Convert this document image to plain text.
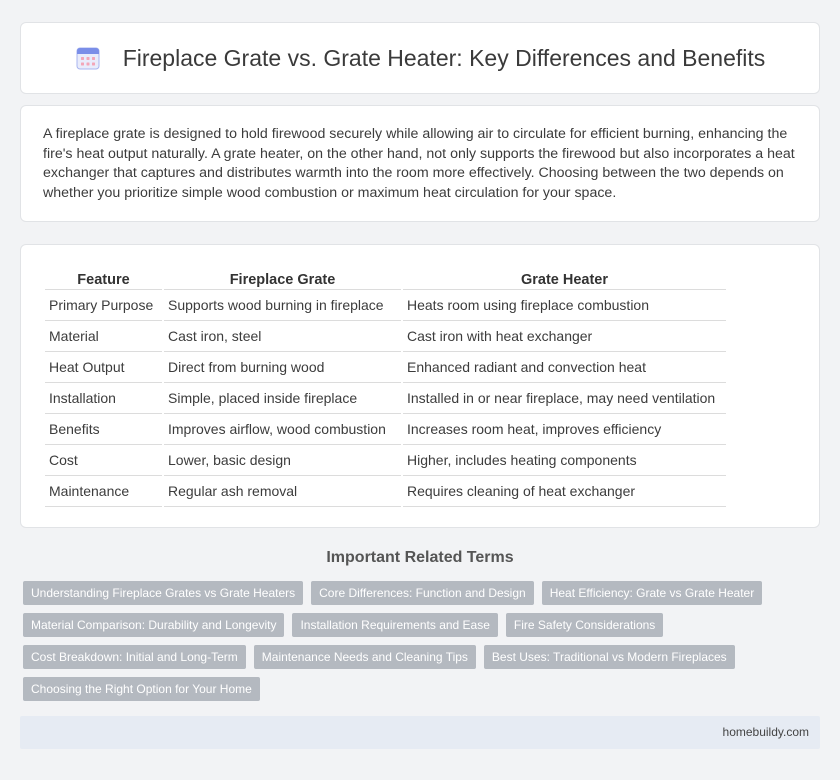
Fireplace Grate vs. Grate Heater: Key Differences and Benefits

A fireplace grate is designed to hold firewood securely while allowing air to circulate for efficient burning, enhancing the fire's heat output naturally. A grate heater, on the other hand, not only supports the firewood but also incorporates a heat exchanger that captures and distributes warmth into the room more effectively. Choosing between the two depends on whether you prioritize simple wood combustion or maximum heat circulation for your space.

Feature	Fireplace Grate	Grate Heater
Primary Purpose	Supports wood burning in fireplace	Heats room using fireplace combustion
Material	Cast iron, steel	Cast iron with heat exchanger
Heat Output	Direct from burning wood	Enhanced radiant and convection heat
Installation	Simple, placed inside fireplace	Installed in or near fireplace, may need ventilation
Benefits	Improves airflow, wood combustion	Increases room heat, improves efficiency
Cost	Lower, basic design	Higher, includes heating components
Maintenance	Regular ash removal	Requires cleaning of heat exchanger
Important Related Terms
Understanding Fireplace Grates vs Grate Heaters	Core Differences: Function and Design	Heat Efficiency: Grate vs Grate Heater
Material Comparison: Durability and Longevity	Installation Requirements and Ease	Fire Safety Considerations
Cost Breakdown: Initial and Long-Term	Maintenance Needs and Cleaning Tips	Best Uses: Traditional vs Modern Fireplaces
Choosing the Right Option for Your Home
homebuildy.com
